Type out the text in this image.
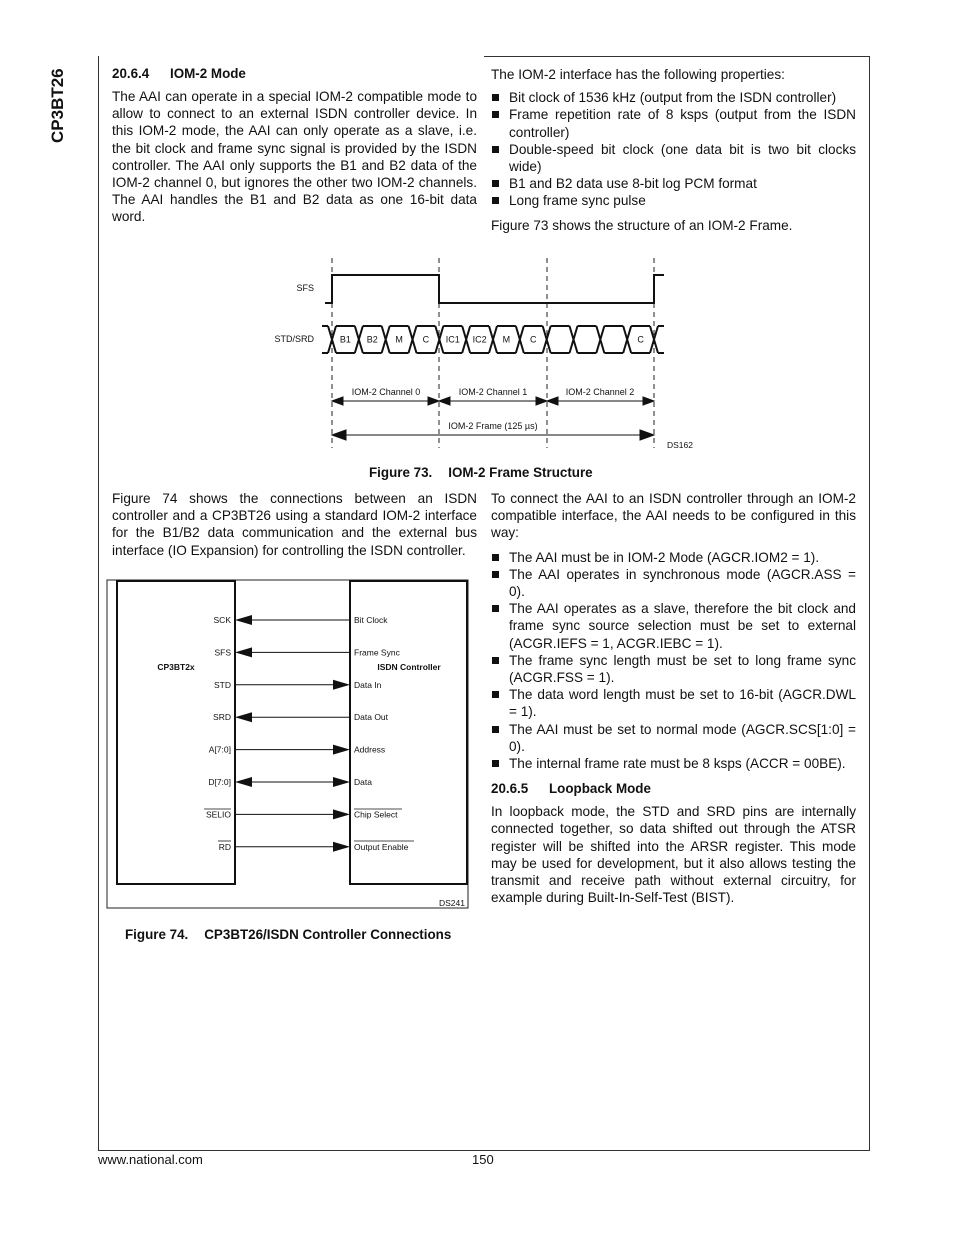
CP3BT26	20.6.4 IOM-2 Mode

The AAI can operate in a special IOM-2 compatible mode to allow to connect to an external ISDN controller device. In this IOM-2 mode, the AAI can only operate as a slave, i.e. the bit clock and frame sync signal is provided by the ISDN controller. The AAI only supports the B1 and B2 data of the IOM-2 channel 0, but ignores the other two IOM-2 channels. The AAI handles the B1 and B2 data as one 16-bit data word.

The IOM-2 interface has the following properties:

Bit clock of 1536 kHz (output from the ISDN controller)
Frame repetition rate of 8 ksps (output from the ISDN controller)
Double-speed bit clock (one data bit is two bit clocks wide)
B1 and B2 data use 8-bit log PCM format
Long frame sync pulse

Figure 73 shows the structure of an IOM-2 Frame.

SFS
STD/SRD	B1 B2 M C IC1 IC2 M C	C
IOM-2 Channel 0	IOM-2 Channel 1	IOM-2 Channel 2
IOM-2 Frame (125 µs)
DS162
Figure 73. IOM-2 Frame Structure

Figure 74 shows the connections between an ISDN controller and a CP3BT26 using a standard IOM-2 interface for the B1/B2 data communication and the external bus interface (IO Expansion) for controlling the ISDN controller.

CP3BT2x	ISDN Controller
SCK	Bit Clock
SFS	Frame Sync
STD	Data In
SRD	Data Out
A[7:0]	Address
D[7:0]	Data
SELIO	Chip Select
RD	Output Enable
DS241
Figure 74. CP3BT26/ISDN Controller Connections

To connect the AAI to an ISDN controller through an IOM-2 compatible interface, the AAI needs to be configured in this way:

The AAI must be in IOM-2 Mode (AGCR.IOM2 = 1).
The AAI operates in synchronous mode (AGCR.ASS = 0).
The AAI operates as a slave, therefore the bit clock and frame sync source selection must be set to external (ACGR.IEFS = 1, ACGR.IEBC = 1).
The frame sync length must be set to long frame sync (ACGR.FSS = 1).
The data word length must be set to 16-bit (AGCR.DWL = 1).
The AAI must be set to normal mode (AGCR.SCS[1:0] = 0).
The internal frame rate must be 8 ksps (ACCR = 00BE).

20.6.5 Loopback Mode

In loopback mode, the STD and SRD pins are internally connected together, so data shifted out through the ATSR register will be shifted into the ARSR register. This mode may be used for development, but it also allows testing the transmit and receive path without external circuitry, for example during Built-In-Self-Test (BIST).

www.national.com	150
